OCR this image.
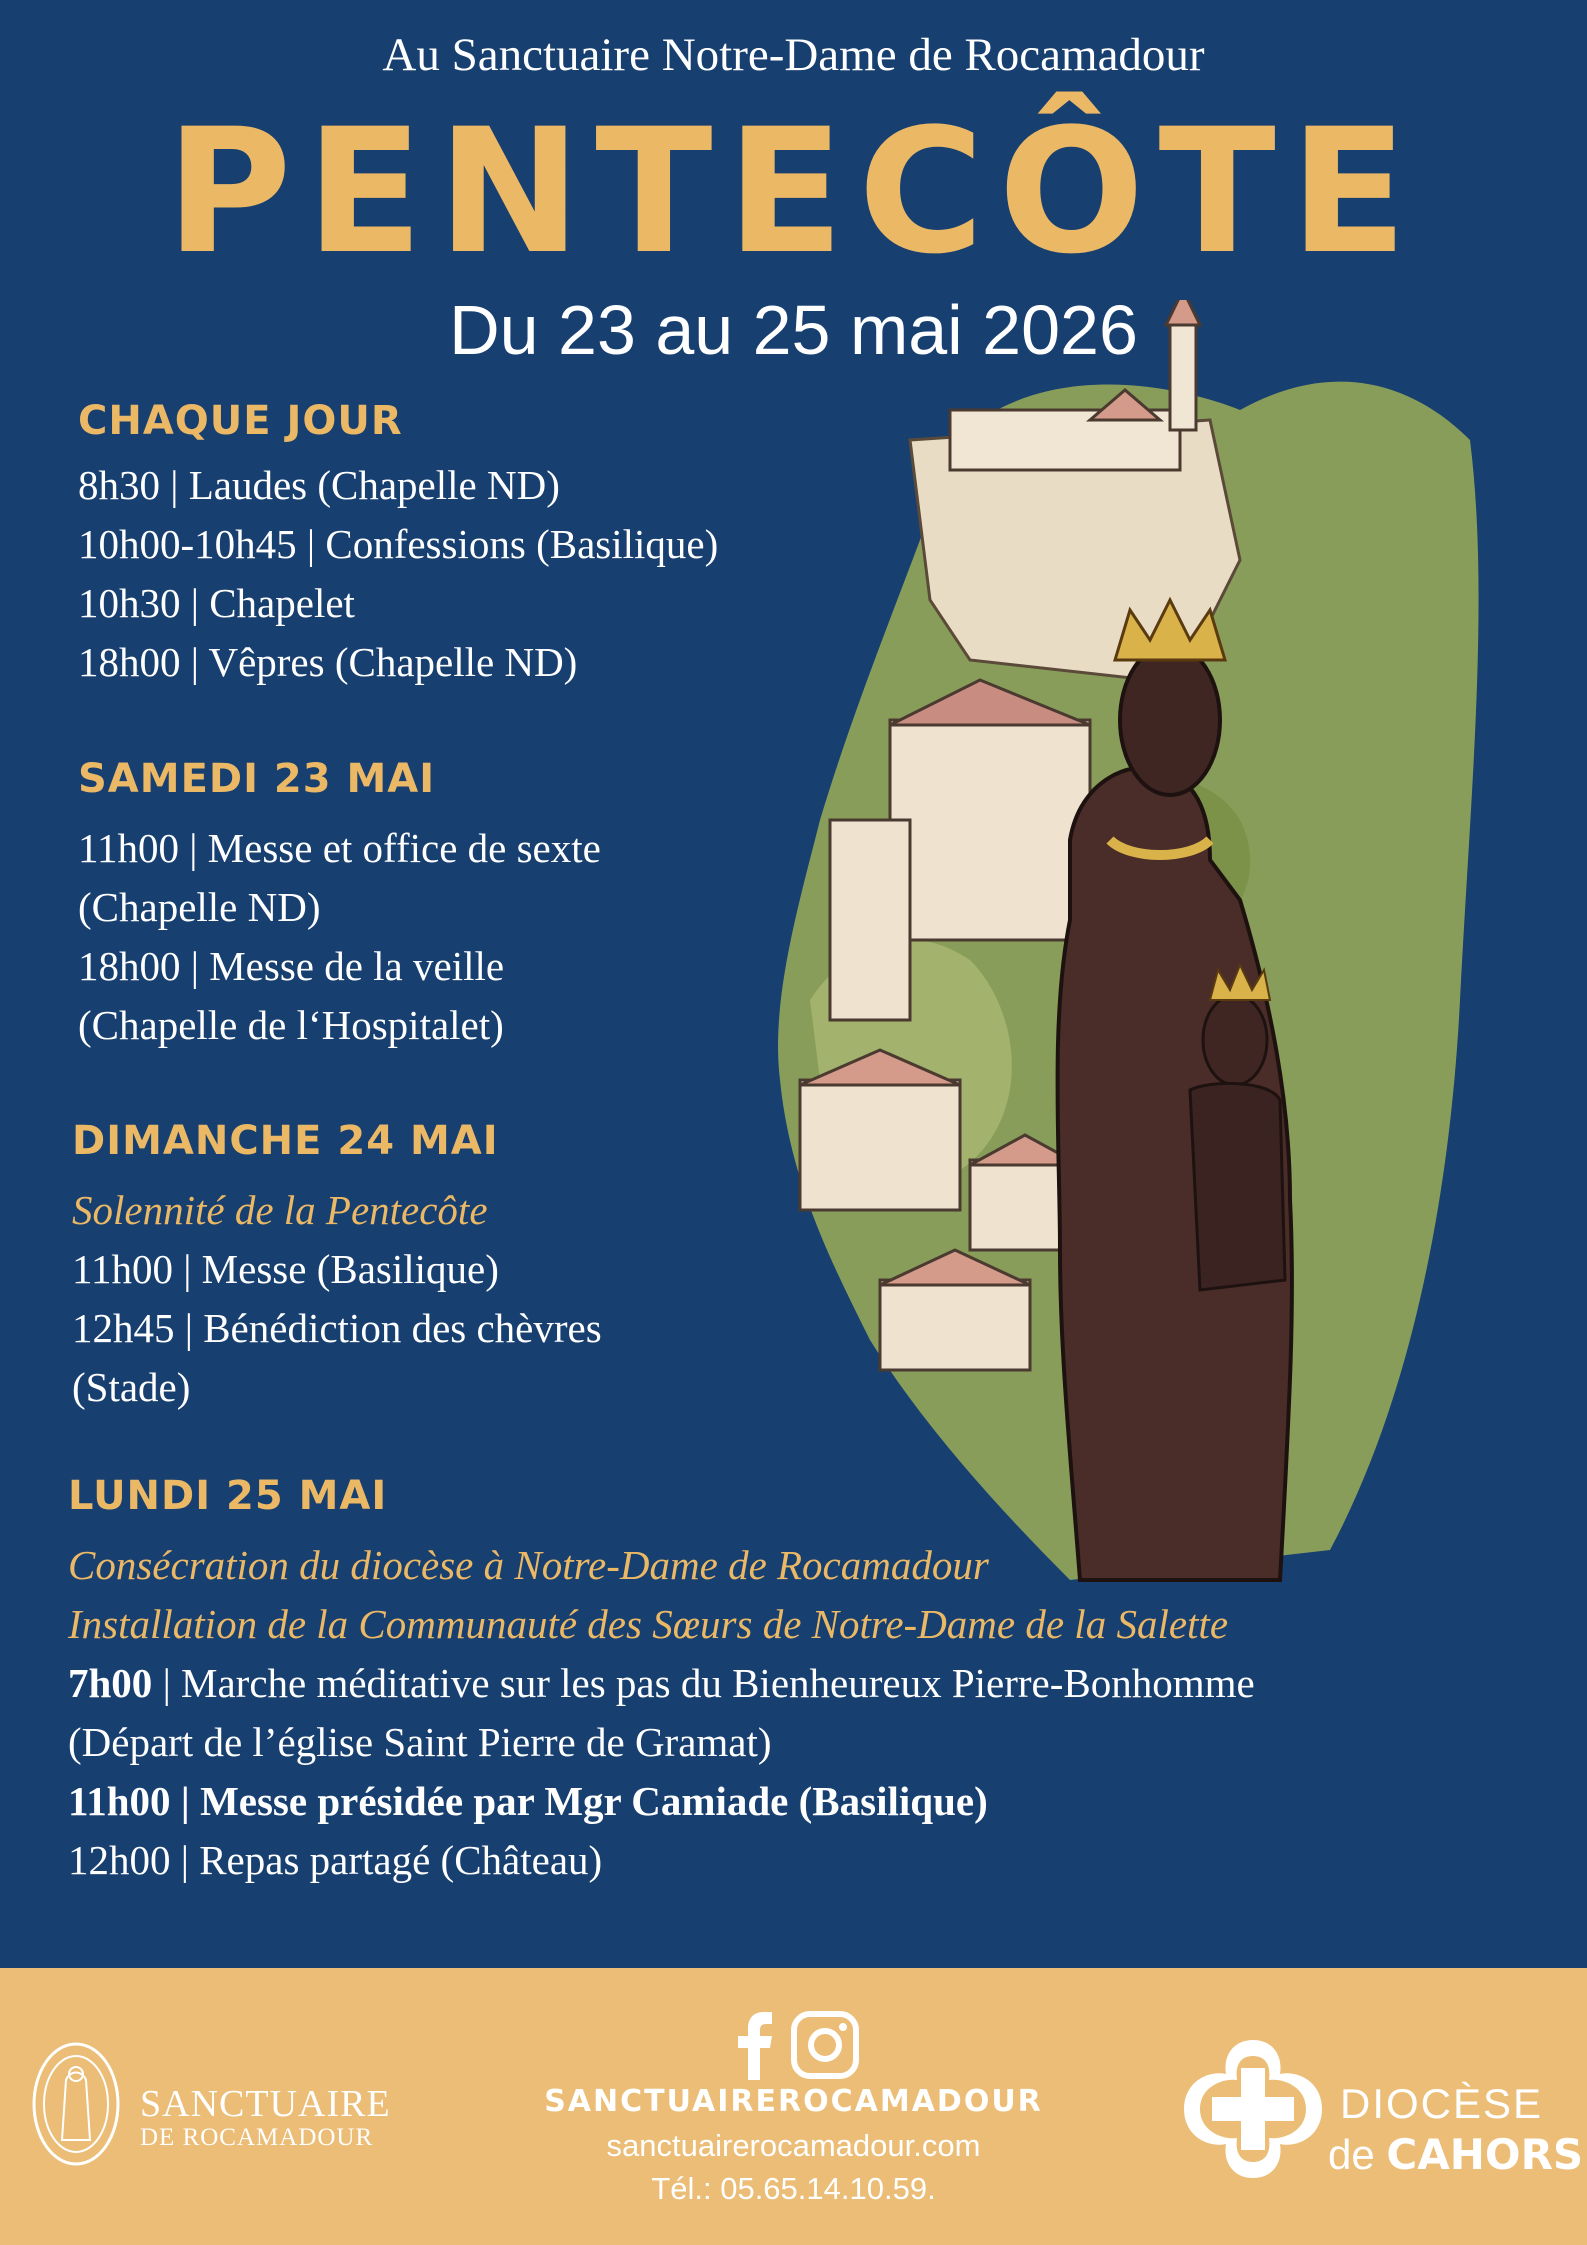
Au Sanctuaire Notre-Dame de Rocamadour
PENTECÔTE
Du 23 au 25 mai 2026
CHAQUE JOUR
8h30 | Laudes (Chapelle ND)
10h00-10h45 | Confessions (Basilique)
10h30 | Chapelet
18h00 | Vêpres (Chapelle ND)
SAMEDI 23 MAI
11h00 | Messe et office de sexte
(Chapelle ND)
18h00 | Messe de la veille
(Chapelle de l‘Hospitalet)
DIMANCHE 24 MAI
Solennité de la Pentecôte
11h00 | Messe (Basilique)
12h45 | Bénédiction des chèvres
(Stade)
LUNDI 25 MAI
Consécration du diocèse à Notre-Dame de Rocamadour
Installation de la Communauté des Sœurs de Notre-Dame de la Salette
7h00 | Marche méditative sur les pas du Bienheureux Pierre-Bonhomme
(Départ de l’église Saint Pierre de Gramat)
11h00 | Messe présidée par Mgr Camiade (Basilique)
12h00 | Repas partagé (Château)
SANCTUAIRE
DE ROCAMADOUR
SANCTUAIREROCAMADOUR
sanctuairerocamadour.com
Tél.: 05.65.14.10.59.
DIOCÈSE
de CAHORS
